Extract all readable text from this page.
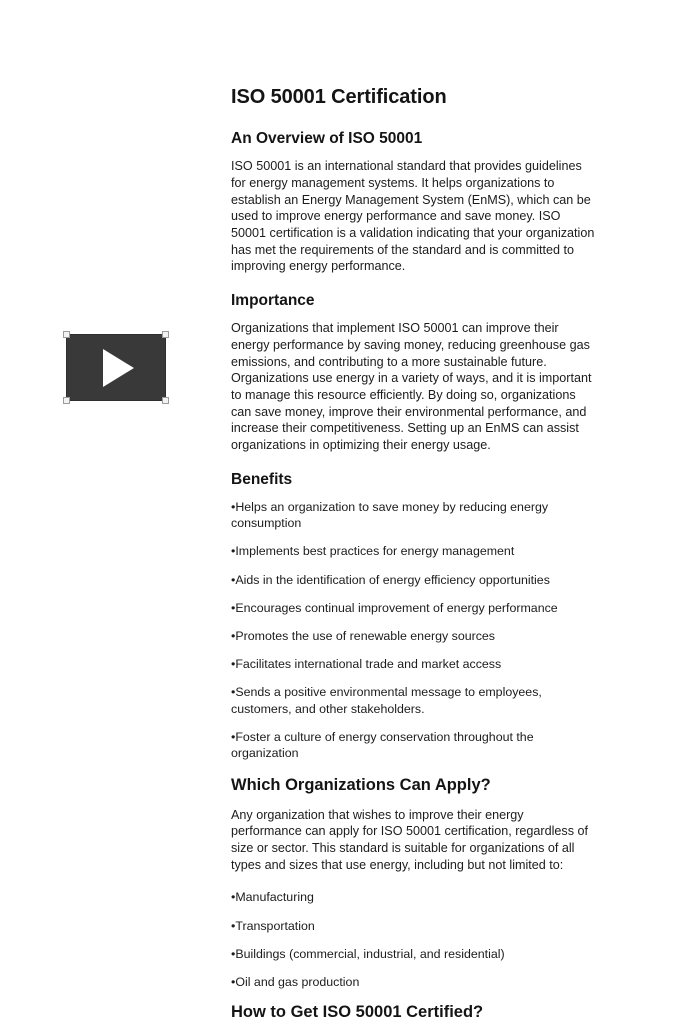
ISO 50001 Certification
An Overview of ISO 50001

ISO 50001 is an international standard that provides guidelines for energy management systems. It helps organizations to establish an Energy Management System (EnMS), which can be used to improve energy performance and save money. ISO 50001 certification is a validation indicating that your organization has met the requirements of the standard and is committed to improving energy performance.

Importance

Organizations that implement ISO 50001 can improve their energy performance by saving money, reducing greenhouse gas emissions, and contributing to a more sustainable future. Organizations use energy in a variety of ways, and it is important to manage this resource efficiently. By doing so, organizations can save money, improve their environmental performance, and increase their competitiveness. Setting up an EnMS can assist organizations in optimizing their energy usage.

Benefits

•Helps an organization to save money by reducing energy consumption

•Implements best practices for energy management

•Aids in the identification of energy efficiency opportunities

•Encourages continual improvement of energy performance

•Promotes the use of renewable energy sources

•Facilitates international trade and market access

•Sends a positive environmental message to employees, customers, and other stakeholders.

•Foster a culture of energy conservation throughout the organization

Which Organizations Can Apply?

Any organization that wishes to improve their energy performance can apply for ISO 50001 certification, regardless of size or sector. This standard is suitable for organizations of all types and sizes that use energy, including but not limited to:

•Manufacturing

•Transportation

•Buildings (commercial, industrial, and residential)

•Oil and gas production

How to Get ISO 50001 Certified?
